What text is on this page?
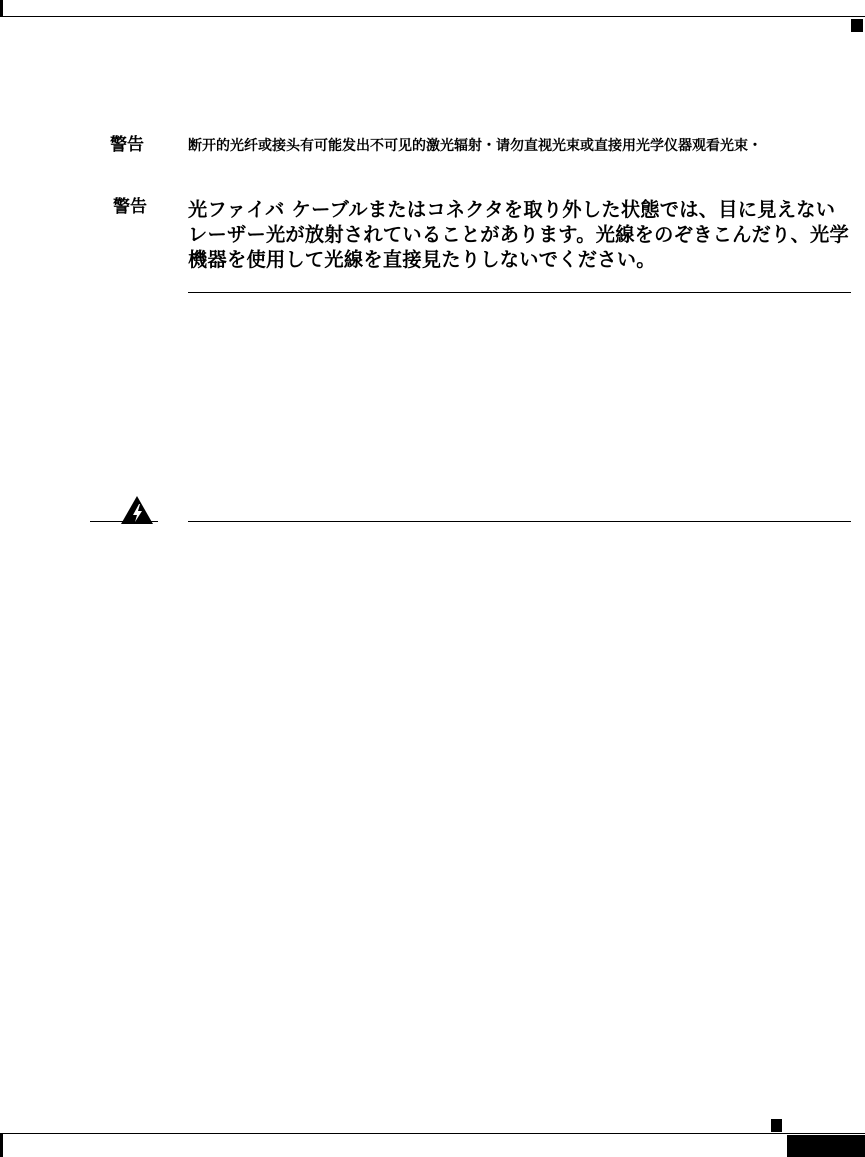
警告	断开的光纤或接头有可能发出不可见的激光辐射・请勿直视光束或直接用光学仪器观看光束・
警告 光ファイバ ケーブルまたはコネクタを取り外した状態では、目に見えないレーザー光が放射されていることがあります。光線をのぞきこんだり、光学機器を使用して光線を直接見たりしないでください。
